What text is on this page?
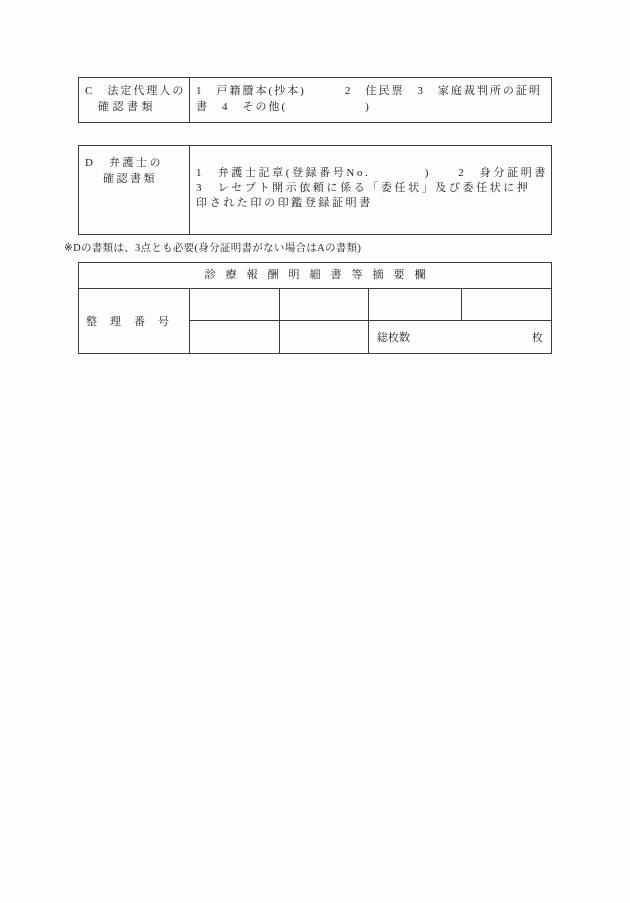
C　法定代理人の
確認書類
1　戸籍謄本(抄本)　　　2　住民票　3　家庭裁判所の証明
書　4　その他(　　　　　　)
D　弁護士の
確認書類	1　弁護士記章(登録番号No.　　　　)　　2　身分証明書
3　レセプト開示依頼に係る「委任状」及び委任状に押
印された印の印鑑登録証明書
※Dの書類は、3点とも必要(身分証明書がない場合はAの書類)
診療報酬明細書等摘要欄
整理番号
総枚数	枚
